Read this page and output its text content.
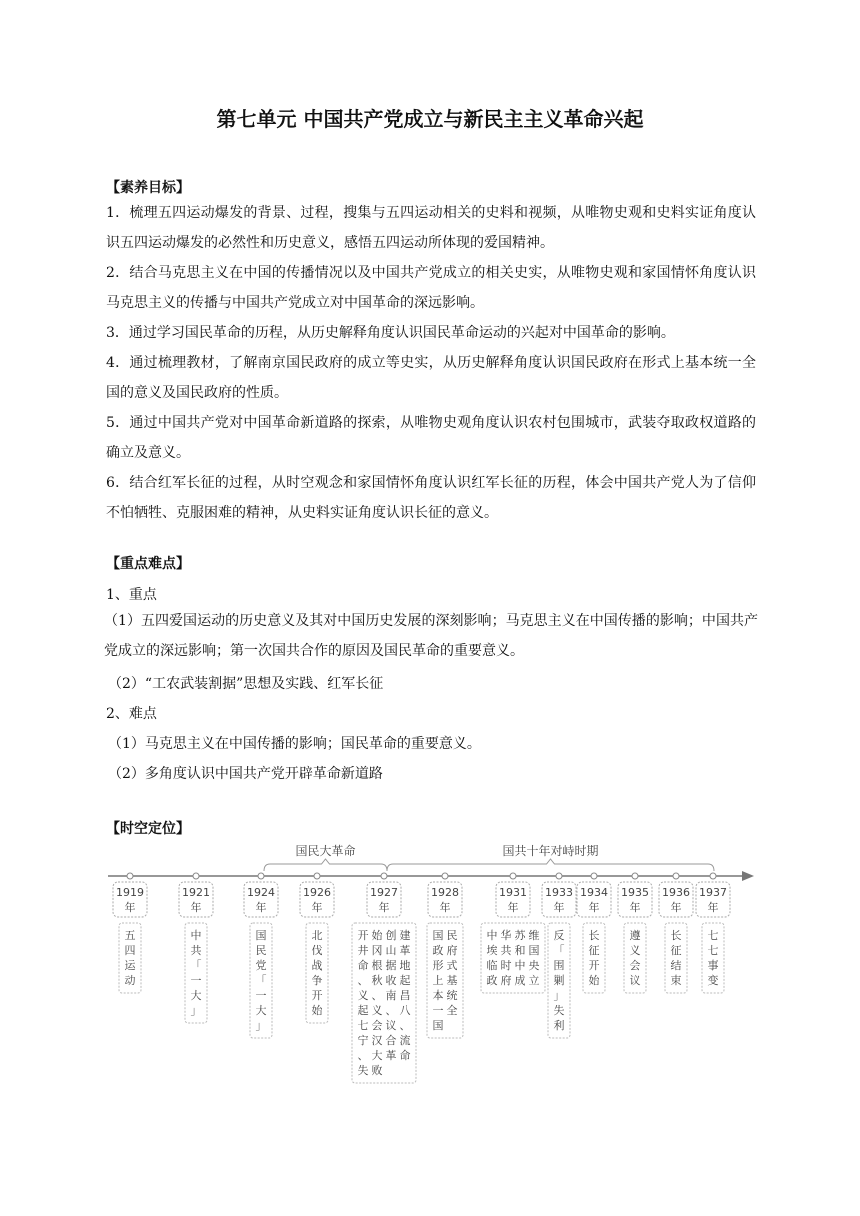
第七单元 中国共产党成立与新民主主义革命兴起
【素养目标】
1．梳理五四运动爆发的背景、过程，搜集与五四运动相关的史料和视频，从唯物史观和史料实证角度认识五四运动爆发的必然性和历史意义，感悟五四运动所体现的爱国精神。
2．结合马克思主义在中国的传播情况以及中国共产党成立的相关史实，从唯物史观和家国情怀角度认识马克思主义的传播与中国共产党成立对中国革命的深远影响。
3．通过学习国民革命的历程，从历史解释角度认识国民革命运动的兴起对中国革命的影响。
4．通过梳理教材，了解南京国民政府的成立等史实，从历史解释角度认识国民政府在形式上基本统一全国的意义及国民政府的性质。
5．通过中国共产党对中国革命新道路的探索，从唯物史观角度认识农村包围城市，武装夺取政权道路的确立及意义。
6．结合红军长征的过程，从时空观念和家国情怀角度认识红军长征的历程，体会中国共产党人为了信仰不怕牺牲、克服困难的精神，从史料实证角度认识长征的意义。
【重点难点】
1、重点
（1）五四爱国运动的历史意义及其对中国历史发展的深刻影响；马克思主义在中国传播的影响；中国共产党成立的深远影响；第一次国共合作的原因及国民革命的重要意义。
（2）“工农武装割据”思想及实践、红军长征
2、难点
（1）马克思主义在中国传播的影响；国民革命的重要意义。
（2）多角度认识中国共产党开辟革命新道路
【时空定位】
国民大革命	国共十年对峙时期
1919
年
五
四
运
动
1921
年
中
共
「
一
大
」
1924
年
国
民
党
「
一
大
」
1926
年
北
伐
战
争
开
始
1927
年
开 始 创 建
井 冈 山 革
命 根 据 地
、 秋 收 起
义 、 南 昌
起 义 、 八
七 会 议 、
宁 汉 合 流
、 大 革 命
失 败
1928
年
国 民
政 府
形 式
上 基
本 统
一 全
国
1931
年
中 华 苏 维
埃 共 和 国
临 时 中 央
政 府 成 立
1933
年
反
「
围
剿
」
失
利
1934
年
长
征
开
始
1935
年
遵
义
会
议
1936
年
长
征
结
束
1937
年
七
七
事
变
